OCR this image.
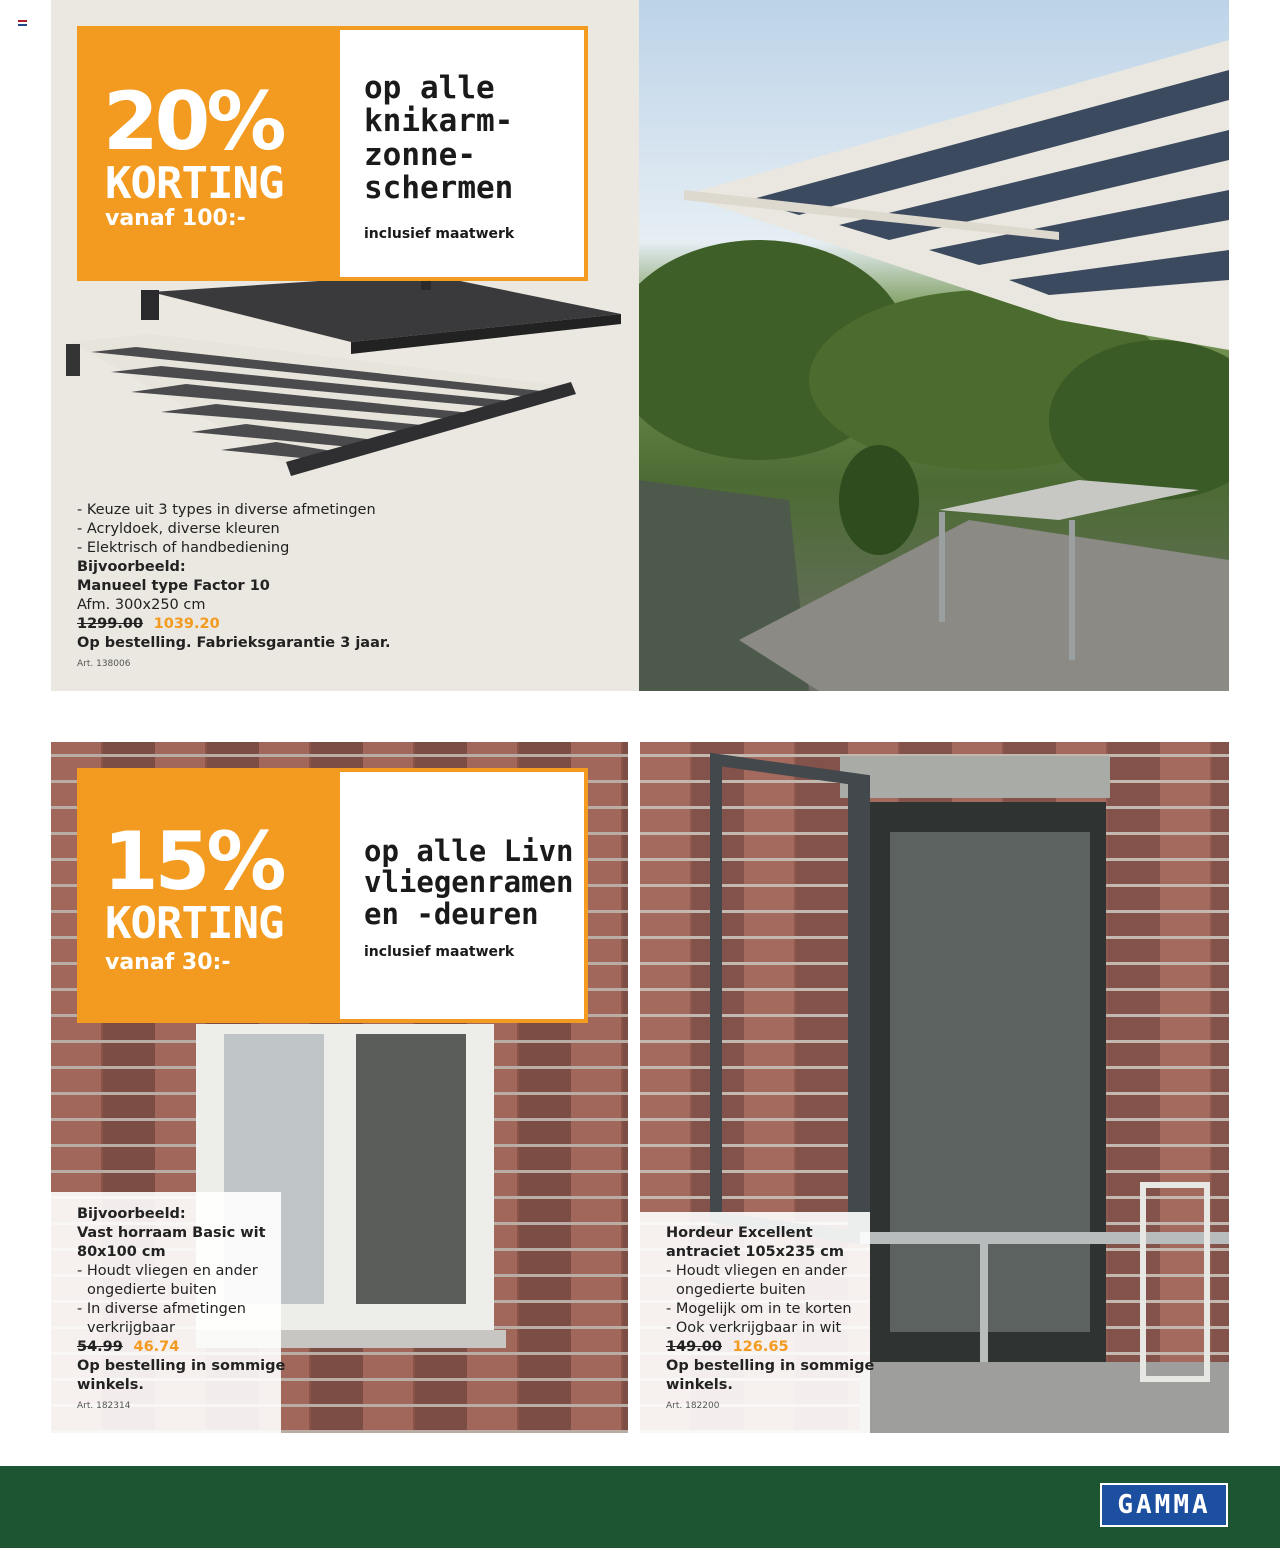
- Keuze uit 3 types in diverse afmetingen
- Acryldoek, diverse kleuren
- Elektrisch of handbediening
Bijvoorbeeld:
Manueel type Factor 10
Afm. 300x250 cm
1299.00 1039.20
Op bestelling. Fabrieksgarantie 3 jaar.
Art. 138006
20%
KORTING
vanaf 100:-
op alle
knikarm-
zonne-
schermen
inclusief maatwerk
15%
KORTING
vanaf 30:-
op alle Livn
vliegenramen
en -deuren
inclusief maatwerk
Bijvoorbeeld:
Vast horraam Basic wit
80x100 cm
- Houdt vliegen en ander
ongedierte buiten
- In diverse afmetingen
verkrijgbaar
54.99 46.74
Op bestelling in sommige
winkels.
Art. 182314
Hordeur Excellent
antraciet 105x235 cm
- Houdt vliegen en ander
ongedierte buiten
- Mogelijk om in te korten
- Ook verkrijgbaar in wit
149.00 126.65
Op bestelling in sommige
winkels.
Art. 182200
GAMMA
